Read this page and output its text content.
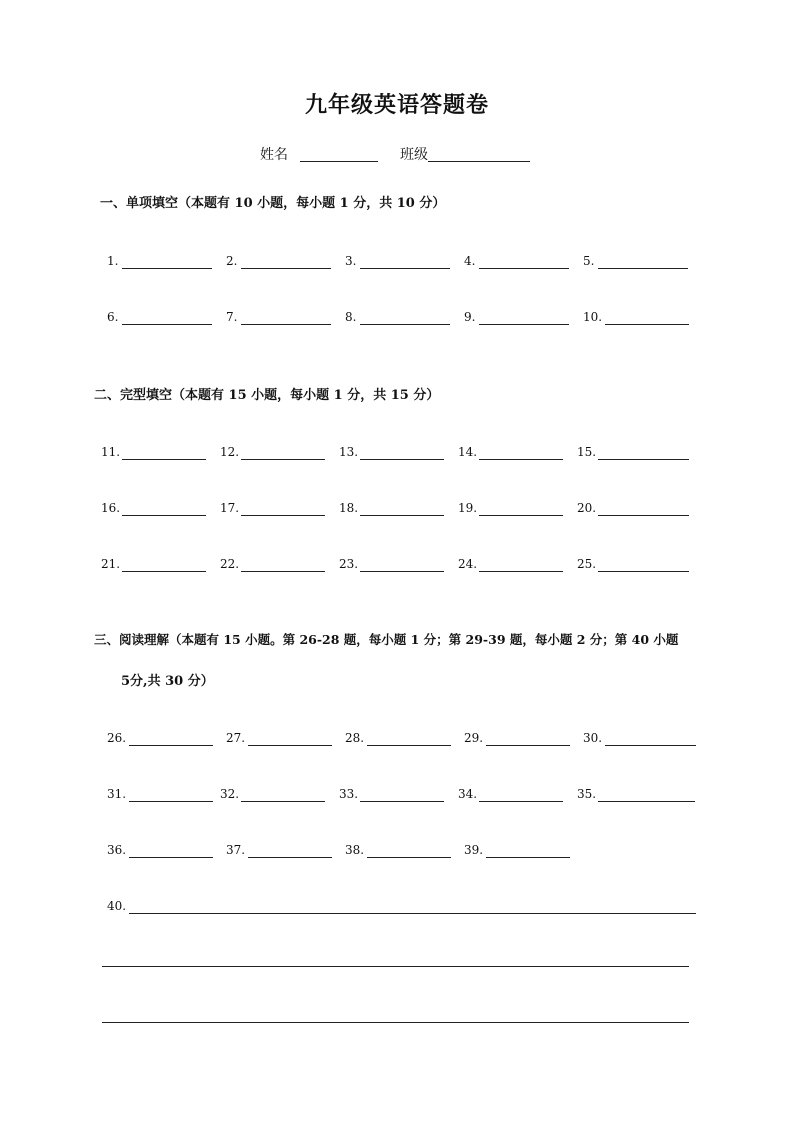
九年级英语答题卷
姓名	班级
一、单项填空（本题有 10 小题，每小题 1 分，共 10 分）
1.	2.	3.	4.	5.
6.	7.	8.	9.	10.
二、完型填空（本题有 15 小题，每小题 1 分，共 15 分）
11.	12.	13.	14.	15.
16.	17.	18.	19.	20.
21.	22.	23.	24.	25.
三、阅读理解（本题有 15 小题。第 26-28 题，每小题 1 分；第 29-39 题，每小题 2 分；第 40 小题
5分,共 30 分）
26.	27.	28.	29.	30.
31.	32.	33.	34.	35.
36.	37.	38.	39.
40.
